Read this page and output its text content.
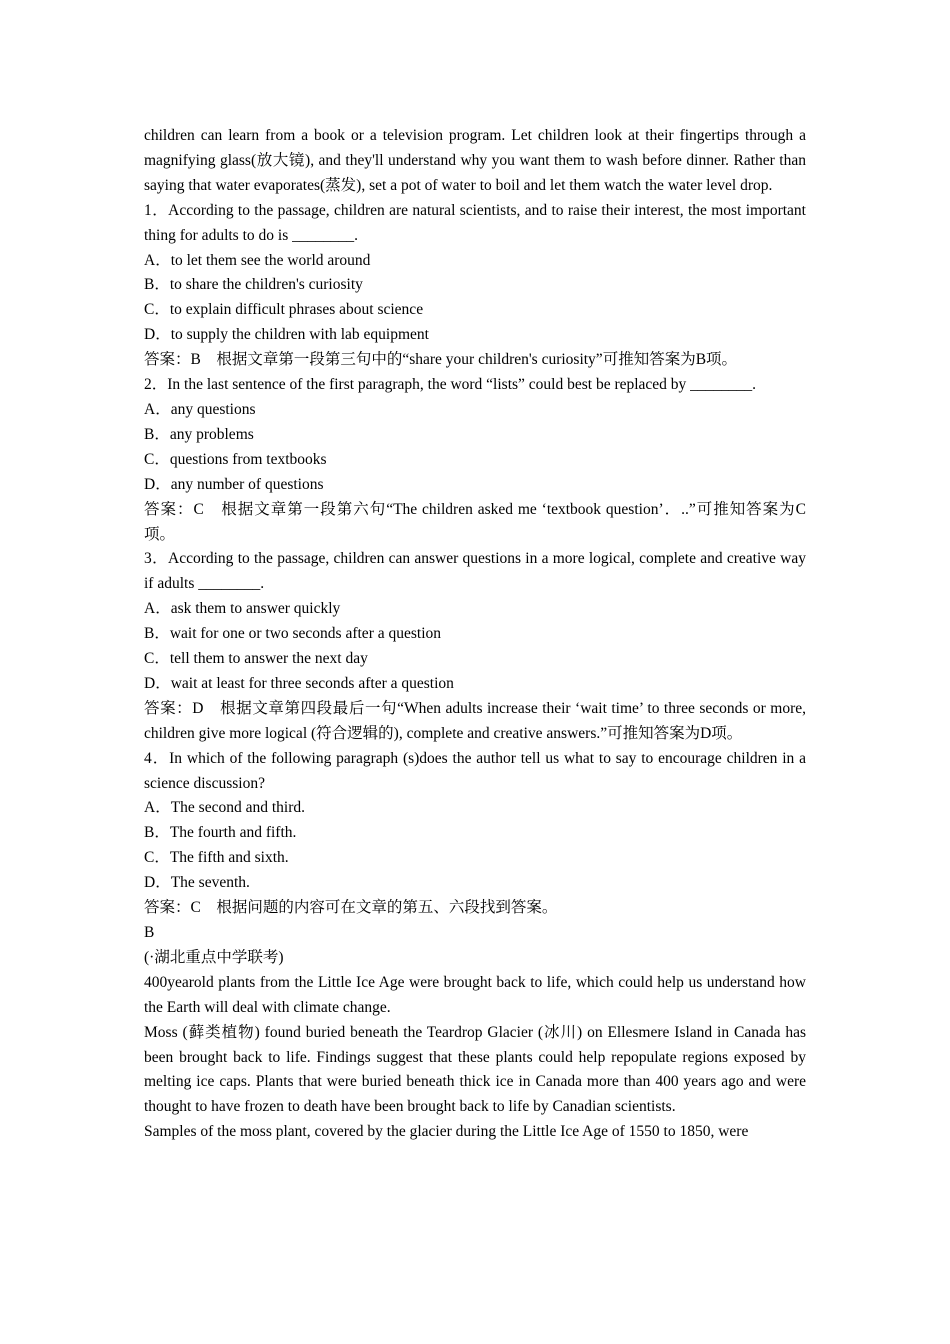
children can learn from a book or a television program. Let children look at their fingertips through a magnifying glass(放大镜), and they'll understand why you want them to wash before dinner. Rather than saying that water evaporates(蒸发), set a pot of water to boil and let them watch the water level drop.

1．According to the passage, children are natural scientists, and to raise their interest, the most important thing for adults to do is ________.

A．to let them see the world around

B．to share the children's curiosity

C．to explain difficult phrases about science

D．to supply the children with lab equipment

答案：B　根据文章第一段第三句中的“share your children's curiosity”可推知答案为B项。

2．In the last sentence of the first paragraph, the word “lists” could best be replaced by ________.

A．any questions

B．any problems

C．questions from textbooks

D．any number of questions

答案：C　根据文章第一段第六句“The children asked me ‘textbook question’．..”可推知答案为C项。

3．According to the passage, children can answer questions in a more logical, complete and creative way if adults ________.

A．ask them to answer quickly

B．wait for one or two seconds after a question

C．tell them to answer the next day

D．wait at least for three seconds after a question

答案：D　根据文章第四段最后一句“When adults increase their ‘wait time’ to three seconds or more, children give more logical (符合逻辑的), complete and creative answers.”可推知答案为D项。

4．In which of the following paragraph (s)does the author tell us what to say to encourage children in a science discussion?

A．The second and third.

B．The fourth and fifth.

C．The fifth and sixth.

D．The seventh.

答案：C　根据问题的内容可在文章的第五、六段找到答案。

B

(·湖北重点中学联考)

400yearold plants from the Little Ice Age were brought back to life, which could help us understand how the Earth will deal with climate change.

Moss (藓类植物) found buried beneath the Teardrop Glacier (冰川) on Ellesmere Island in Canada has been brought back to life. Findings suggest that these plants could help repopulate regions exposed by melting ice caps. Plants that were buried beneath thick ice in Canada more than 400 years ago and were thought to have frozen to death have been brought back to life by Canadian scientists.

Samples of the moss plant, covered by the glacier during the Little Ice Age of 1550 to 1850, were
